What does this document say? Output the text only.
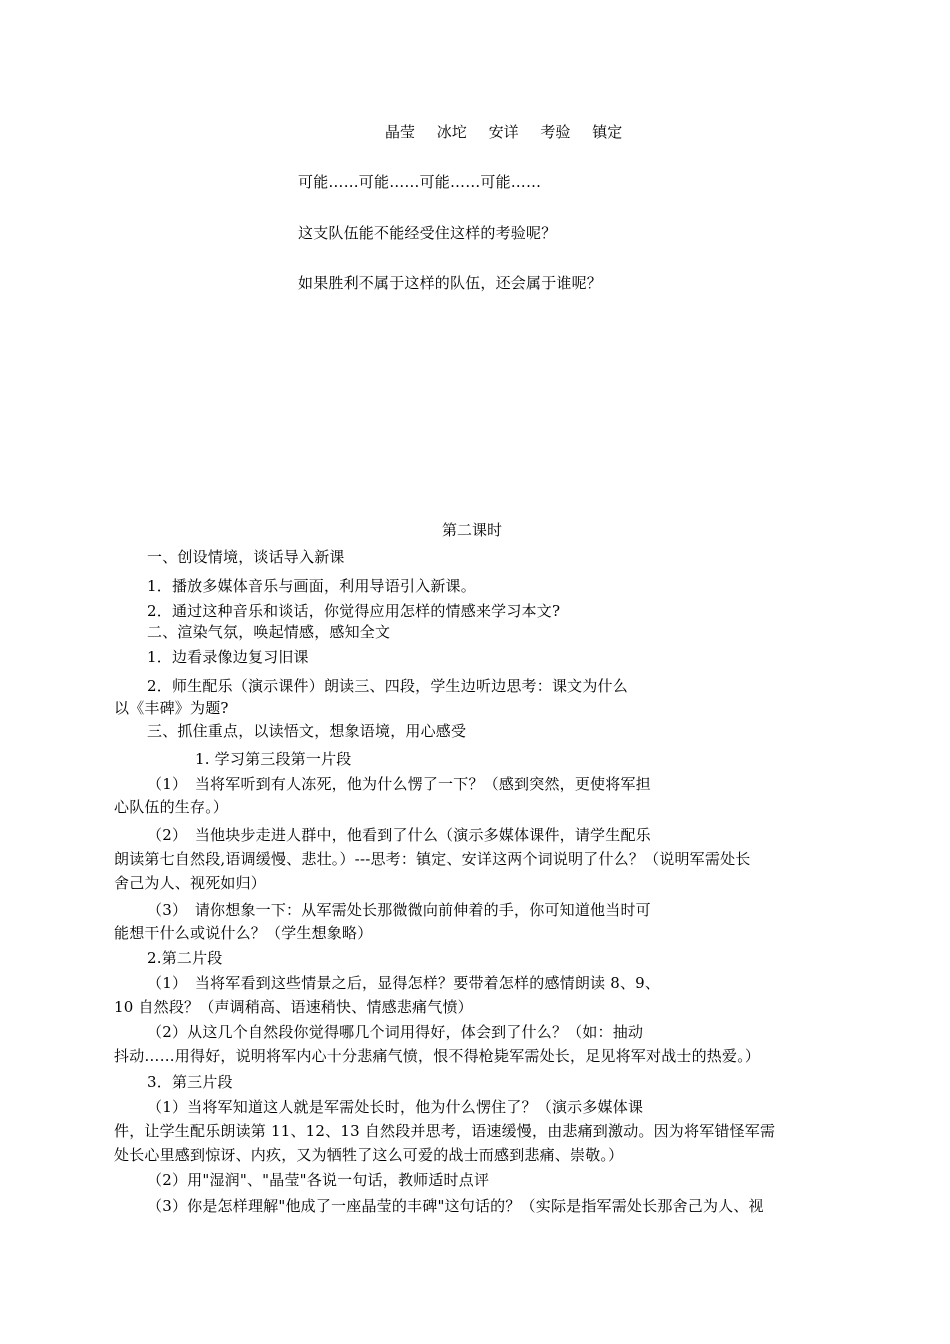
晶莹 冰坨 安详 考验 镇定
可能……可能……可能……可能……
这支队伍能不能经受住这样的考验呢？
如果胜利不属于这样的队伍，还会属于谁呢？
第二课时
一、创设情境，谈话导入新课
1．播放多媒体音乐与画面，利用导语引入新课。
2．通过这种音乐和谈话，你觉得应用怎样的情感来学习本文?
二、渲染气氛，唤起情感，感知全文
1．边看录像边复习旧课
2．师生配乐（演示课件）朗读三、四段，学生边听边思考：课文为什么
以《丰碑》为题?
三、抓住重点，以读悟文，想象语境，用心感受
1. 学习第三段第一片段
（1）　当将军听到有人冻死，他为什么愣了一下？（感到突然，更使将军担
心队伍的生存。）
（2）　当他块步走进人群中，他看到了什么（演示多媒体课件，请学生配乐
朗读第七自然段,语调缓慢、悲壮。）---思考：镇定、安详这两个词说明了什么？（说明军需处长
舍己为人、视死如归）
（3）　请你想象一下：从军需处长那微微向前伸着的手，你可知道他当时可
能想干什么或说什么？（学生想象略）
2.第二片段
（1）　当将军看到这些情景之后，显得怎样？要带着怎样的感情朗读 8、9、
10 自然段？（声调稍高、语速稍快、情感悲痛气愤）
（2）从这几个自然段你觉得哪几个词用得好，体会到了什么？（如：抽动
抖动……用得好，说明将军内心十分悲痛气愤，恨不得枪毙军需处长，足见将军对战士的热爱。）
3．第三片段
（1）当将军知道这人就是军需处长时，他为什么愣住了？（演示多媒体课
件，让学生配乐朗读第 11、12、13 自然段并思考，语速缓慢，由悲痛到激动。因为将军错怪军需
处长心里感到惊讶、内疚，又为牺牲了这么可爱的战士而感到悲痛、崇敬。）
（2）用"湿润"、"晶莹"各说一句话，教师适时点评
（3）你是怎样理解"他成了一座晶莹的丰碑"这句话的？（实际是指军需处长那舍己为人、视
